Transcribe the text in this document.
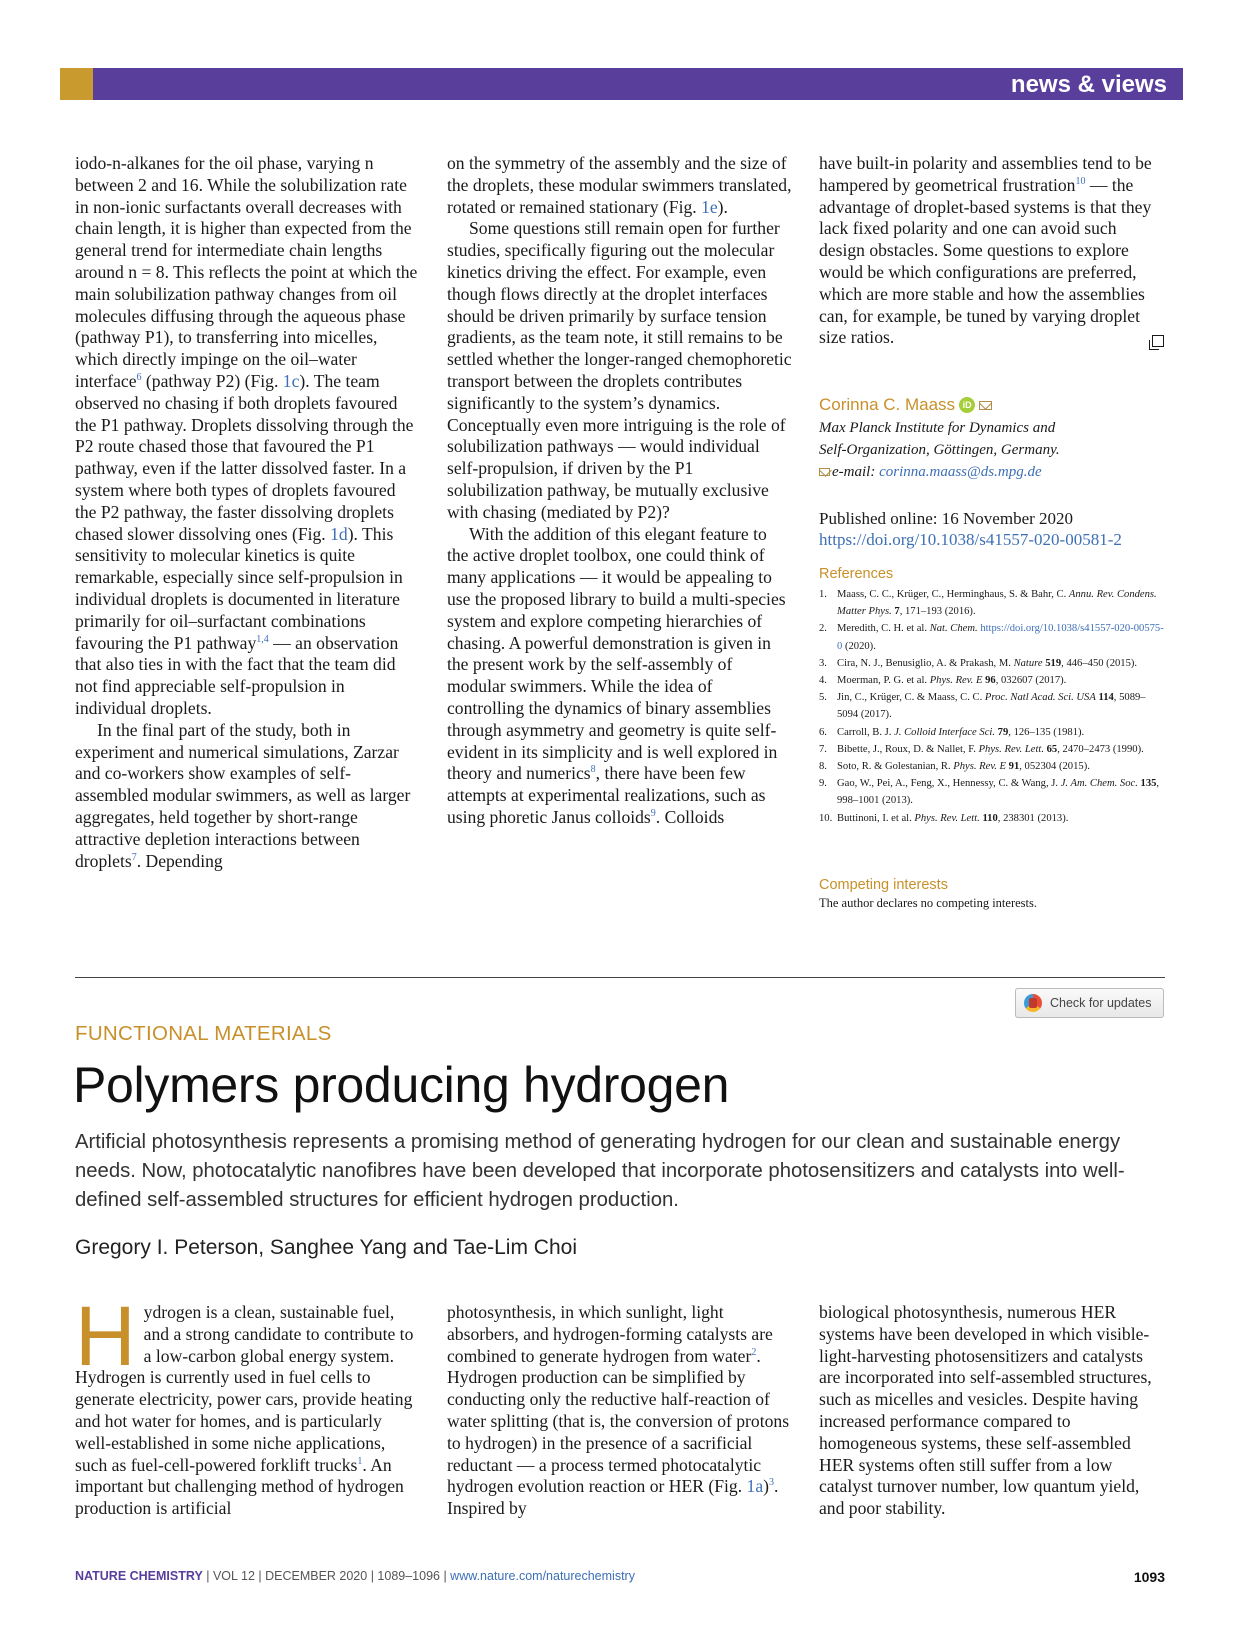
news & views

iodo-n-alkanes for the oil phase, varying n between 2 and 16. While the solubilization rate in non-ionic surfactants overall decreases with chain length, it is higher than expected from the general trend for intermediate chain lengths around n = 8. This reflects the point at which the main solubilization pathway changes from oil molecules diffusing through the aqueous phase (pathway P1), to transferring into micelles, which directly impinge on the oil–water interface$^6$ (pathway P2) (Fig. 1c). The team observed no chasing if both droplets favoured the P1 pathway. Droplets dissolving through the P2 route chased those that favoured the P1 pathway, even if the latter dissolved faster. In a system where both types of droplets favoured the P2 pathway, the faster dissolving droplets chased slower dissolving ones (Fig. 1d). This sensitivity to molecular kinetics is quite remarkable, especially since self-propulsion in individual droplets is documented in literature primarily for oil–surfactant combinations favouring the P1 pathway$^{1,4}$ — an observation that also ties in with the fact that the team did not find appreciable self-propulsion in individual droplets.

In the final part of the study, both in experiment and numerical simulations, Zarzar and co-workers show examples of self-assembled modular swimmers, as well as larger aggregates, held together by short-range attractive depletion interactions between droplets$^7$. Depending

on the symmetry of the assembly and the size of the droplets, these modular swimmers translated, rotated or remained stationary (Fig. 1e).

Some questions still remain open for further studies, specifically figuring out the molecular kinetics driving the effect. For example, even though flows directly at the droplet interfaces should be driven primarily by surface tension gradients, as the team note, it still remains to be settled whether the longer-ranged chemophoretic transport between the droplets contributes significantly to the system’s dynamics. Conceptually even more intriguing is the role of solubilization pathways — would individual self-propulsion, if driven by the P1 solubilization pathway, be mutually exclusive with chasing (mediated by P2)?

With the addition of this elegant feature to the active droplet toolbox, one could think of many applications — it would be appealing to use the proposed library to build a multi-species system and explore competing hierarchies of chasing. A powerful demonstration is given in the present work by the self-assembly of modular swimmers. While the idea of controlling the dynamics of binary assemblies through asymmetry and geometry is quite self-evident in its simplicity and is well explored in theory and numerics$^8$, there have been few attempts at experimental realizations, such as using phoretic Janus colloids$^9$. Colloids

have built-in polarity and assemblies tend to be hampered by geometrical frustration$^{10}$ — the advantage of droplet-based systems is that they lack fixed polarity and one can avoid such design obstacles. Some questions to explore would be which configurations are preferred, which are more stable and how the assemblies can, for example, be tuned by varying droplet size ratios.

Corinna C. Maass iD
Max Planck Institute for Dynamics and
Self-Organization, Göttingen, Germany.
e-mail: corinna.maass@ds.mpg.de
Published online: 16 November 2020
https://doi.org/10.1038/s41557-020-00581-2
References
1. Maass, C. C., Krüger, C., Herminghaus, S. & Bahr, C. Annu. Rev. Condens. Matter Phys. 7, 171–193 (2016).
2. Meredith, C. H. et al. Nat. Chem. https://doi.org/10.1038/s41557-020-00575-0 (2020).
3. Cira, N. J., Benusiglio, A. & Prakash, M. Nature 519, 446–450 (2015).
4. Moerman, P. G. et al. Phys. Rev. E 96, 032607 (2017).
5. Jin, C., Krüger, C. & Maass, C. C. Proc. Natl Acad. Sci. USA 114, 5089–5094 (2017).
6. Carroll, B. J. J. Colloid Interface Sci. 79, 126–135 (1981).
7. Bibette, J., Roux, D. & Nallet, F. Phys. Rev. Lett. 65, 2470–2473 (1990).
8. Soto, R. & Golestanian, R. Phys. Rev. E 91, 052304 (2015).
9. Gao, W., Pei, A., Feng, X., Hennessy, C. & Wang, J. J. Am. Chem. Soc. 135, 998–1001 (2013).
10. Buttinoni, I. et al. Phys. Rev. Lett. 110, 238301 (2013).
Competing interests
The author declares no competing interests.
Check for updates
FUNCTIONAL MATERIALS
Polymers producing hydrogen
Artificial photosynthesis represents a promising method of generating hydrogen for our clean and sustainable energy needs. Now, photocatalytic nanofibres have been developed that incorporate photosensitizers and catalysts into well-defined self-assembled structures for efficient hydrogen production.
Gregory I. Peterson, Sanghee Yang and Tae-Lim Choi

Hydrogen is a clean, sustainable fuel, and a strong candidate to contribute to a low-carbon global energy system. Hydrogen is currently used in fuel cells to generate electricity, power cars, provide heating and hot water for homes, and is particularly well-established in some niche applications, such as fuel-cell-powered forklift trucks$^1$. An important but challenging method of hydrogen production is artificial

photosynthesis, in which sunlight, light absorbers, and hydrogen-forming catalysts are combined to generate hydrogen from water$^2$. Hydrogen production can be simplified by conducting only the reductive half-reaction of water splitting (that is, the conversion of protons to hydrogen) in the presence of a sacrificial reductant — a process termed photocatalytic hydrogen evolution reaction or HER (Fig. 1a)$^3$. Inspired by

biological photosynthesis, numerous HER systems have been developed in which visible-light-harvesting photosensitizers and catalysts are incorporated into self-assembled structures, such as micelles and vesicles. Despite having increased performance compared to homogeneous systems, these self-assembled HER systems often still suffer from a low catalyst turnover number, low quantum yield, and poor stability.

NATURE CHEMISTRY | VOL 12 | DECEMBER 2020 | 1089–1096 | www.nature.com/naturechemistry	1093
